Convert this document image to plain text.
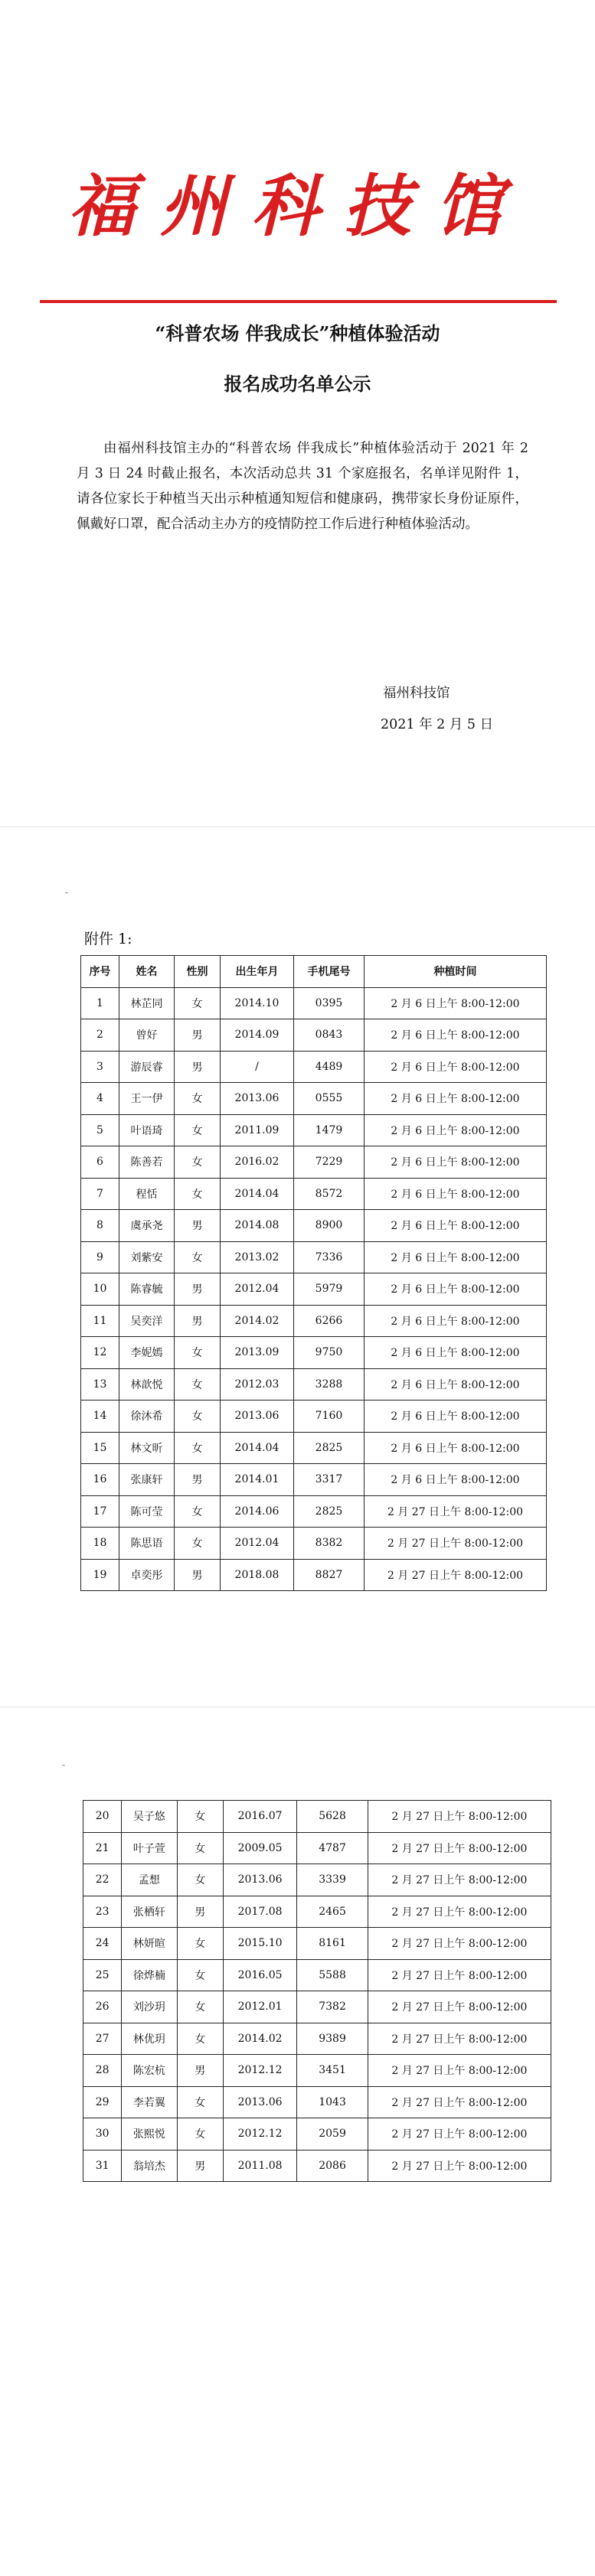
福州科技馆
“科普农场 伴我成长”种植体验活动
报名成功名单公示
由福州科技馆主办的“科普农场 伴我成长”种植体验活动于 2021 年 2 月 3 日 24 时截止报名，本次活动总共 31 个家庭报名，名单详见附件 1，请各位家长于种植当天出示种植通知短信和健康码，携带家长身份证原件，佩戴好口罩，配合活动主办方的疫情防控工作后进行种植体验活动。
福州科技馆
2021 年 2 月 5 日
⁃
附件 1:
序号	姓名	性别	出生年月	手机尾号	种植时间
1	林芷同	女	2014.10	0395	2 月 6 日上午 8:00-12:00
2	曾好	男	2014.09	0843	2 月 6 日上午 8:00-12:00
3	游辰睿	男	/	4489	2 月 6 日上午 8:00-12:00
4	王一伊	女	2013.06	0555	2 月 6 日上午 8:00-12:00
5	叶语琦	女	2011.09	1479	2 月 6 日上午 8:00-12:00
6	陈善若	女	2016.02	7229	2 月 6 日上午 8:00-12:00
7	程恬	女	2014.04	8572	2 月 6 日上午 8:00-12:00
8	虞承尧	男	2014.08	8900	2 月 6 日上午 8:00-12:00
9	刘紫安	女	2013.02	7336	2 月 6 日上午 8:00-12:00
10	陈睿毓	男	2012.04	5979	2 月 6 日上午 8:00-12:00
11	吴奕洋	男	2014.02	6266	2 月 6 日上午 8:00-12:00
12	李妮嫣	女	2013.09	9750	2 月 6 日上午 8:00-12:00
13	林歆悦	女	2012.03	3288	2 月 6 日上午 8:00-12:00
14	徐沐希	女	2013.06	7160	2 月 6 日上午 8:00-12:00
15	林文昕	女	2014.04	2825	2 月 6 日上午 8:00-12:00
16	张康轩	男	2014.01	3317	2 月 6 日上午 8:00-12:00
17	陈可莹	女	2014.06	2825	2 月 27 日上午 8:00-12:00
18	陈思语	女	2012.04	8382	2 月 27 日上午 8:00-12:00
19	卓奕彤	男	2018.08	8827	2 月 27 日上午 8:00-12:00
⁃
20	吴子悠	女	2016.07	5628	2 月 27 日上午 8:00-12:00
21	叶子萱	女	2009.05	4787	2 月 27 日上午 8:00-12:00
22	孟想	女	2013.06	3339	2 月 27 日上午 8:00-12:00
23	张栖轩	男	2017.08	2465	2 月 27 日上午 8:00-12:00
24	林妍暄	女	2015.10	8161	2 月 27 日上午 8:00-12:00
25	徐烨楠	女	2016.05	5588	2 月 27 日上午 8:00-12:00
26	刘沙玥	女	2012.01	7382	2 月 27 日上午 8:00-12:00
27	林优玥	女	2014.02	9389	2 月 27 日上午 8:00-12:00
28	陈宏杭	男	2012.12	3451	2 月 27 日上午 8:00-12:00
29	李若翼	女	2013.06	1043	2 月 27 日上午 8:00-12:00
30	张熙悦	女	2012.12	2059	2 月 27 日上午 8:00-12:00
31	翁培杰	男	2011.08	2086	2 月 27 日上午 8:00-12:00
